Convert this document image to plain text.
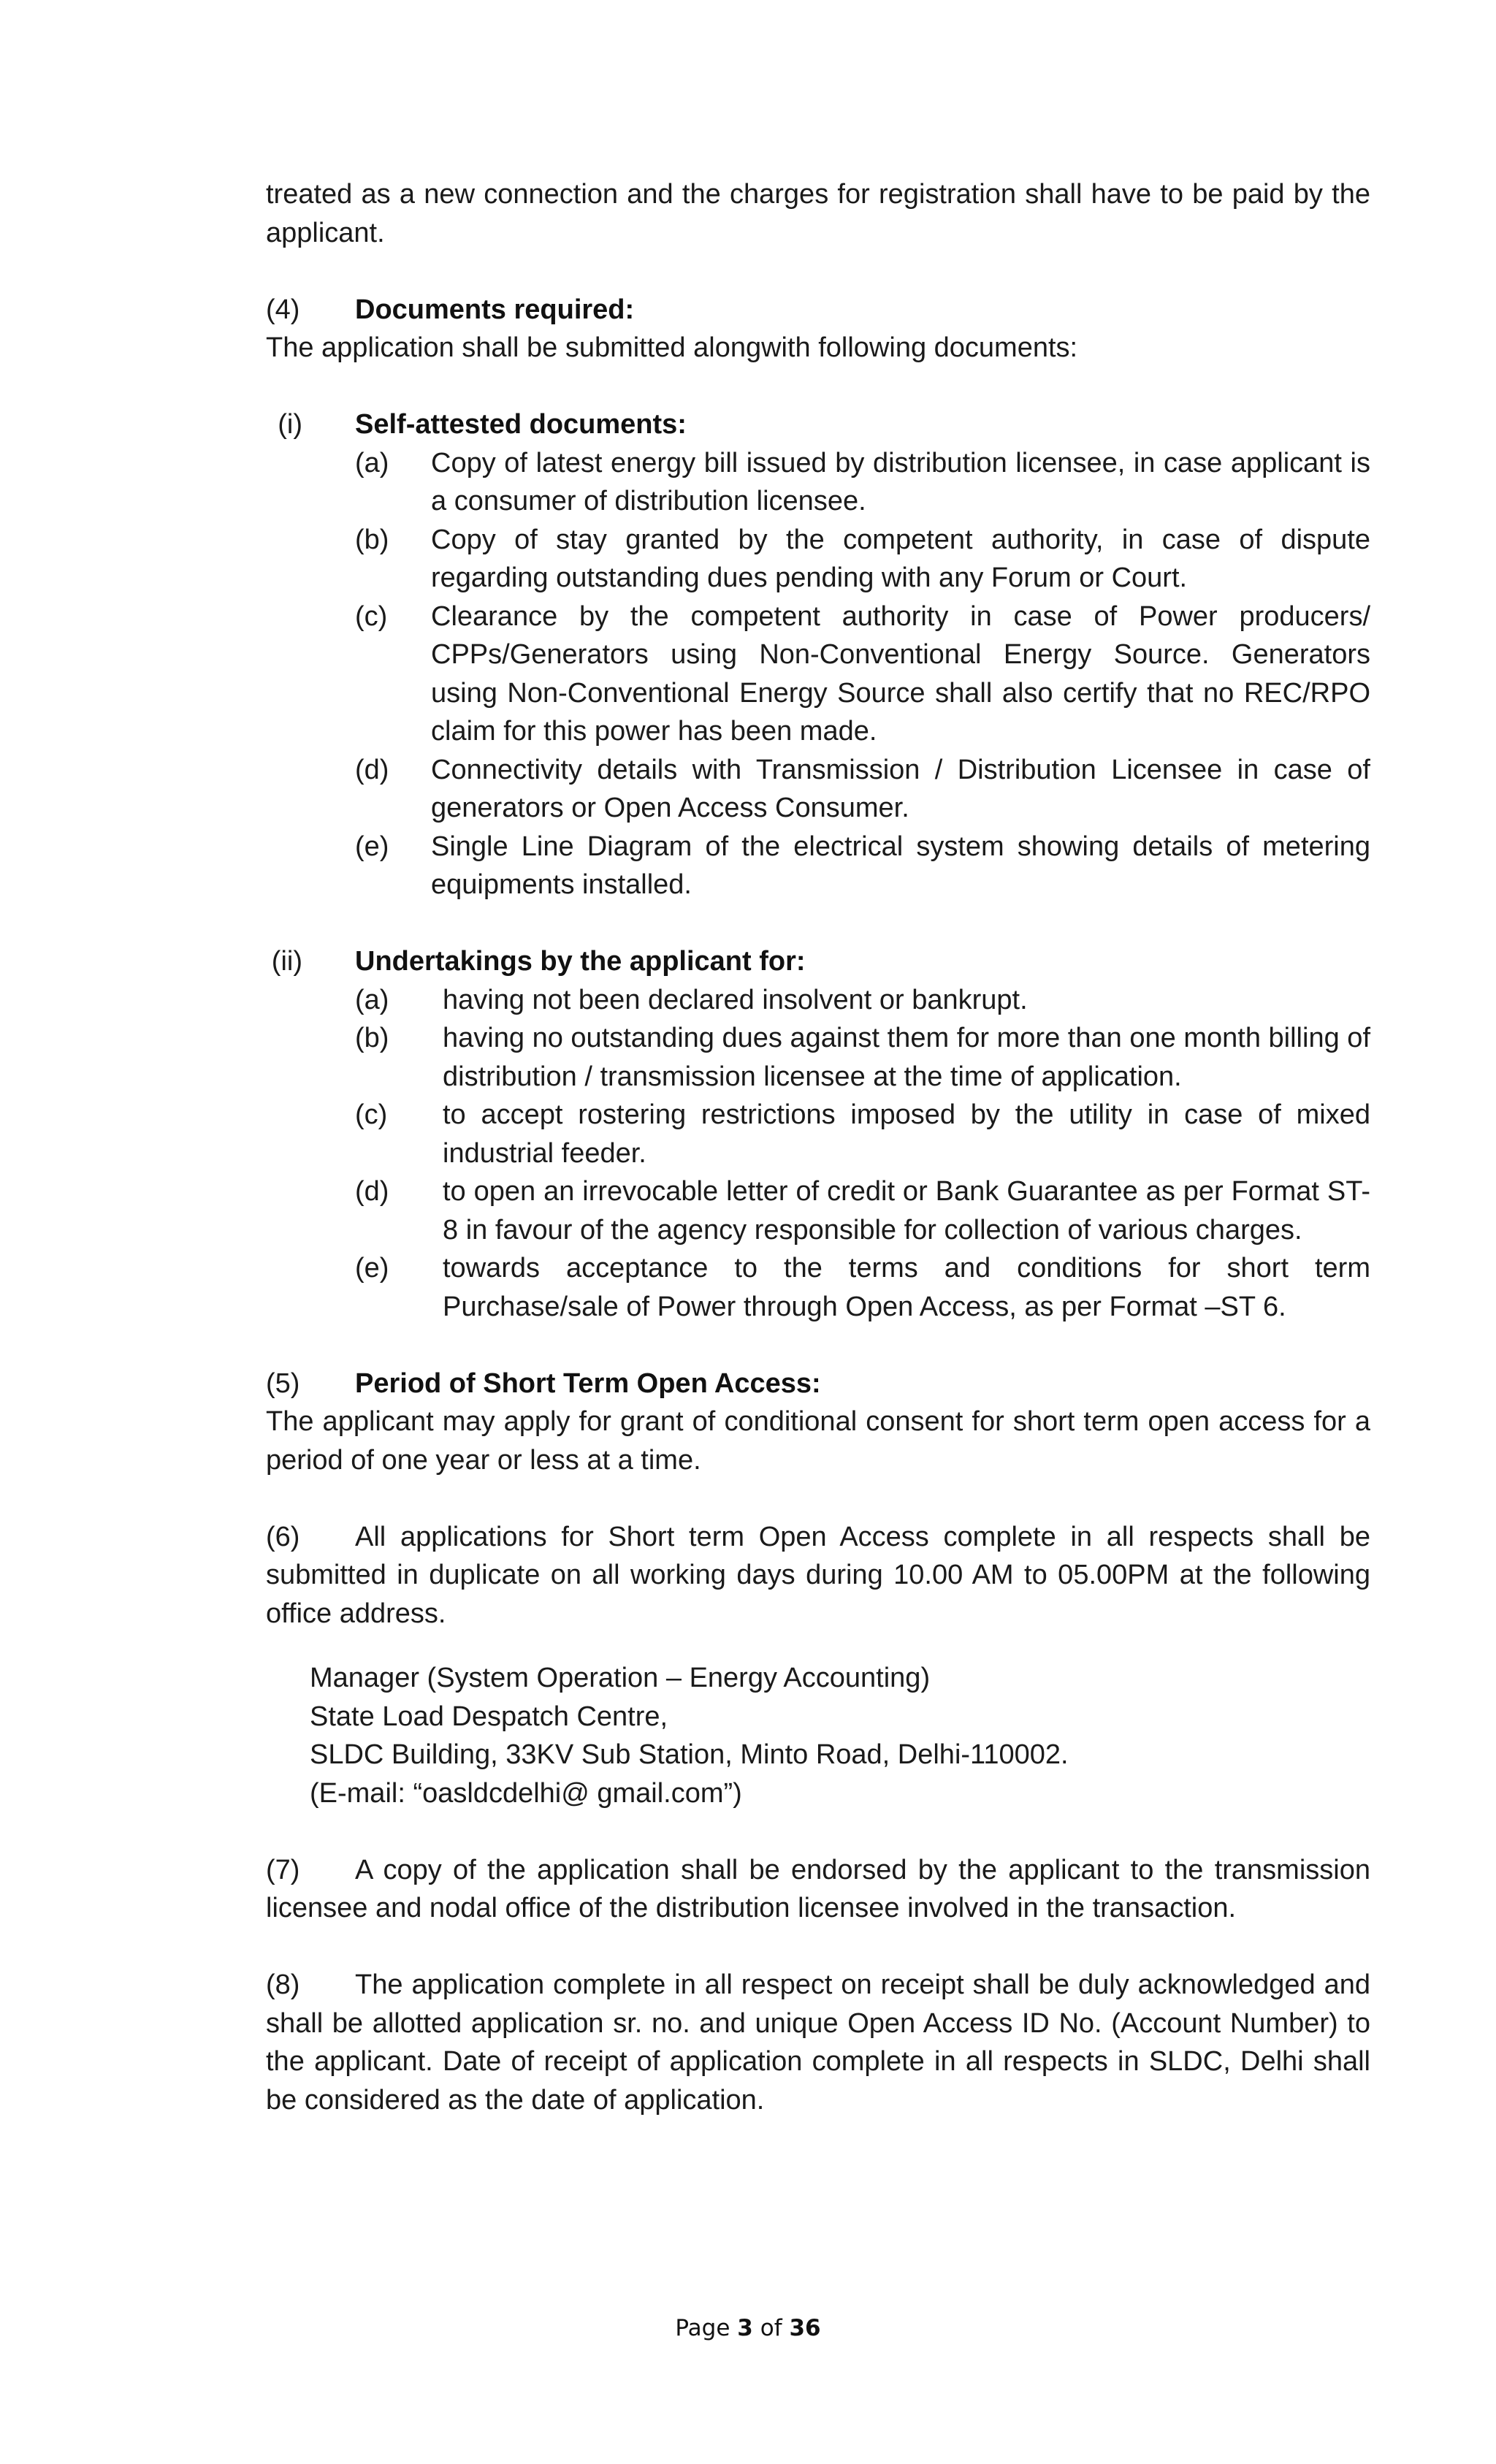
treated as a new connection and the charges for registration shall have to be paid by the applicant.

(4) Documents required:

The application shall be submitted alongwith following documents:

(i) Self-attested documents:

(a)	Copy of latest energy bill issued by distribution licensee, in case applicant is a consumer of distribution licensee.
(b)	Copy of stay granted by the competent authority, in case of dispute regarding outstanding dues pending with any Forum or Court.
(c)	Clearance by the competent authority in case of Power producers/ CPPs/Generators using Non-Conventional Energy Source. Generators using Non-Conventional Energy Source shall also certify that no REC/RPO claim for this power has been made.
(d)	Connectivity details with Transmission / Distribution Licensee in case of generators or Open Access Consumer.
(e)	Single Line Diagram of the electrical system showing details of metering equipments installed.

(ii) Undertakings by the applicant for:

(a)	having not been declared insolvent or bankrupt.
(b)	having no outstanding dues against them for more than one month billing of distribution / transmission licensee at the time of application.
(c)	to accept rostering restrictions imposed by the utility in case of mixed industrial feeder.
(d)	to open an irrevocable letter of credit or Bank Guarantee as per Format ST-8 in favour of the agency responsible for collection of various charges.
(e)	towards acceptance to the terms and conditions for short term Purchase/sale of Power through Open Access, as per Format –ST 6.

(5) Period of Short Term Open Access:

The applicant may apply for grant of conditional consent for short term open access for a period of one year or less at a time.

(6) All applications for Short term Open Access complete in all respects shall be submitted in duplicate on all working days during 10.00 AM to 05.00PM at the following office address.

Manager (System Operation – Energy Accounting)
State Load Despatch Centre,
SLDC Building, 33KV Sub Station, Minto Road, Delhi-110002.
(E-mail: “oasldcdelhi@ gmail.com”)

(7) A copy of the application shall be endorsed by the applicant to the transmission licensee and nodal office of the distribution licensee involved in the transaction.

(8) The application complete in all respect on receipt shall be duly acknowledged and shall be allotted application sr. no. and unique Open Access ID No. (Account Number) to the applicant. Date of receipt of application complete in all respects in SLDC, Delhi shall be considered as the date of application.

Page 3 of 36
